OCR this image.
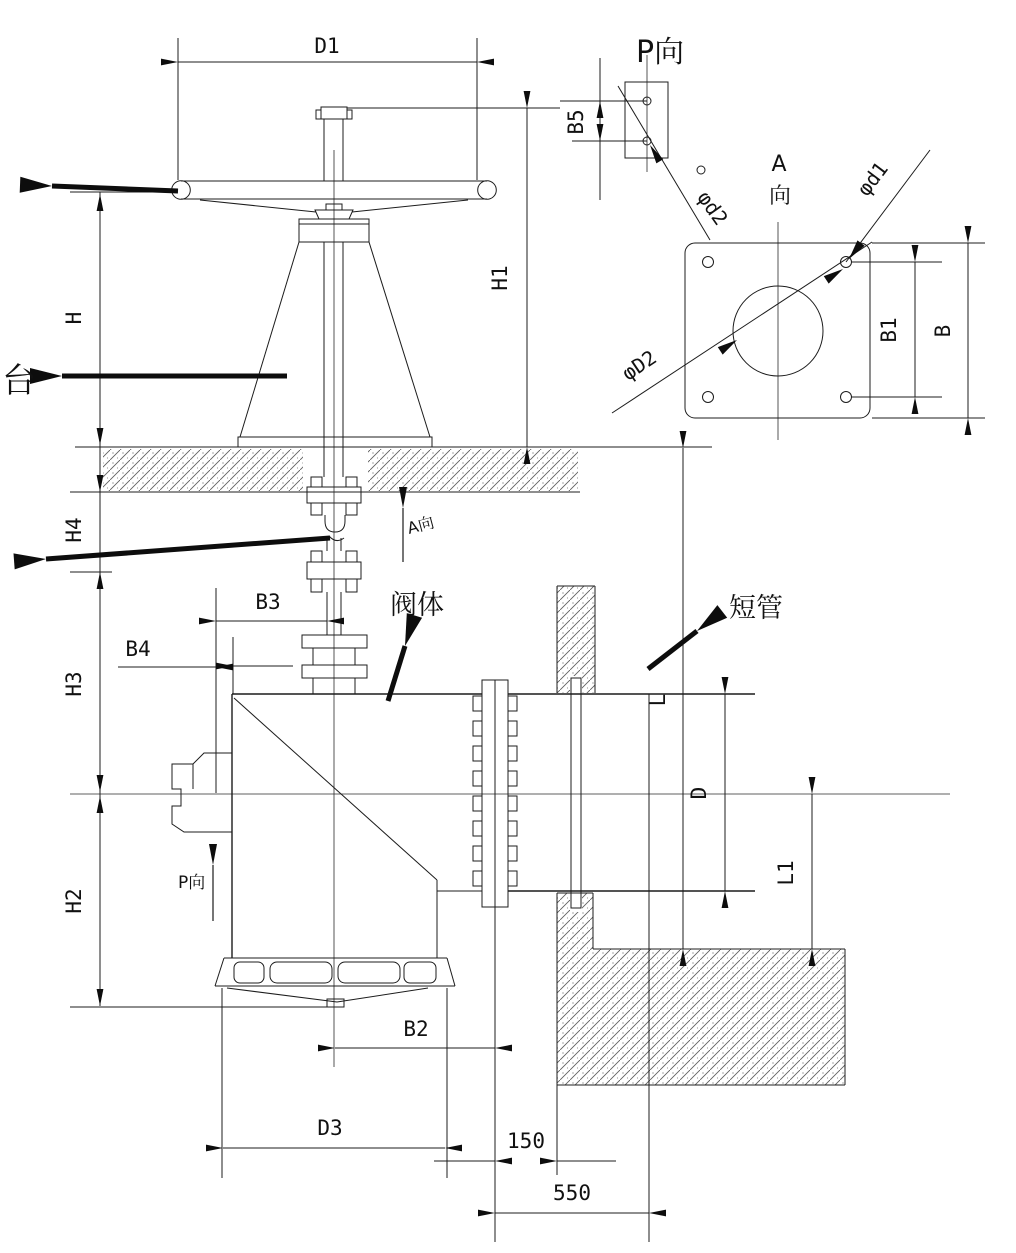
D1
H1
H
H4
H3
H2
B5
B3
B4
B1 B
B2
D3
D
L
L1
150
550
φd2
φd1
φD2
P向
A
向
A向
P向
阀体	短管
台
